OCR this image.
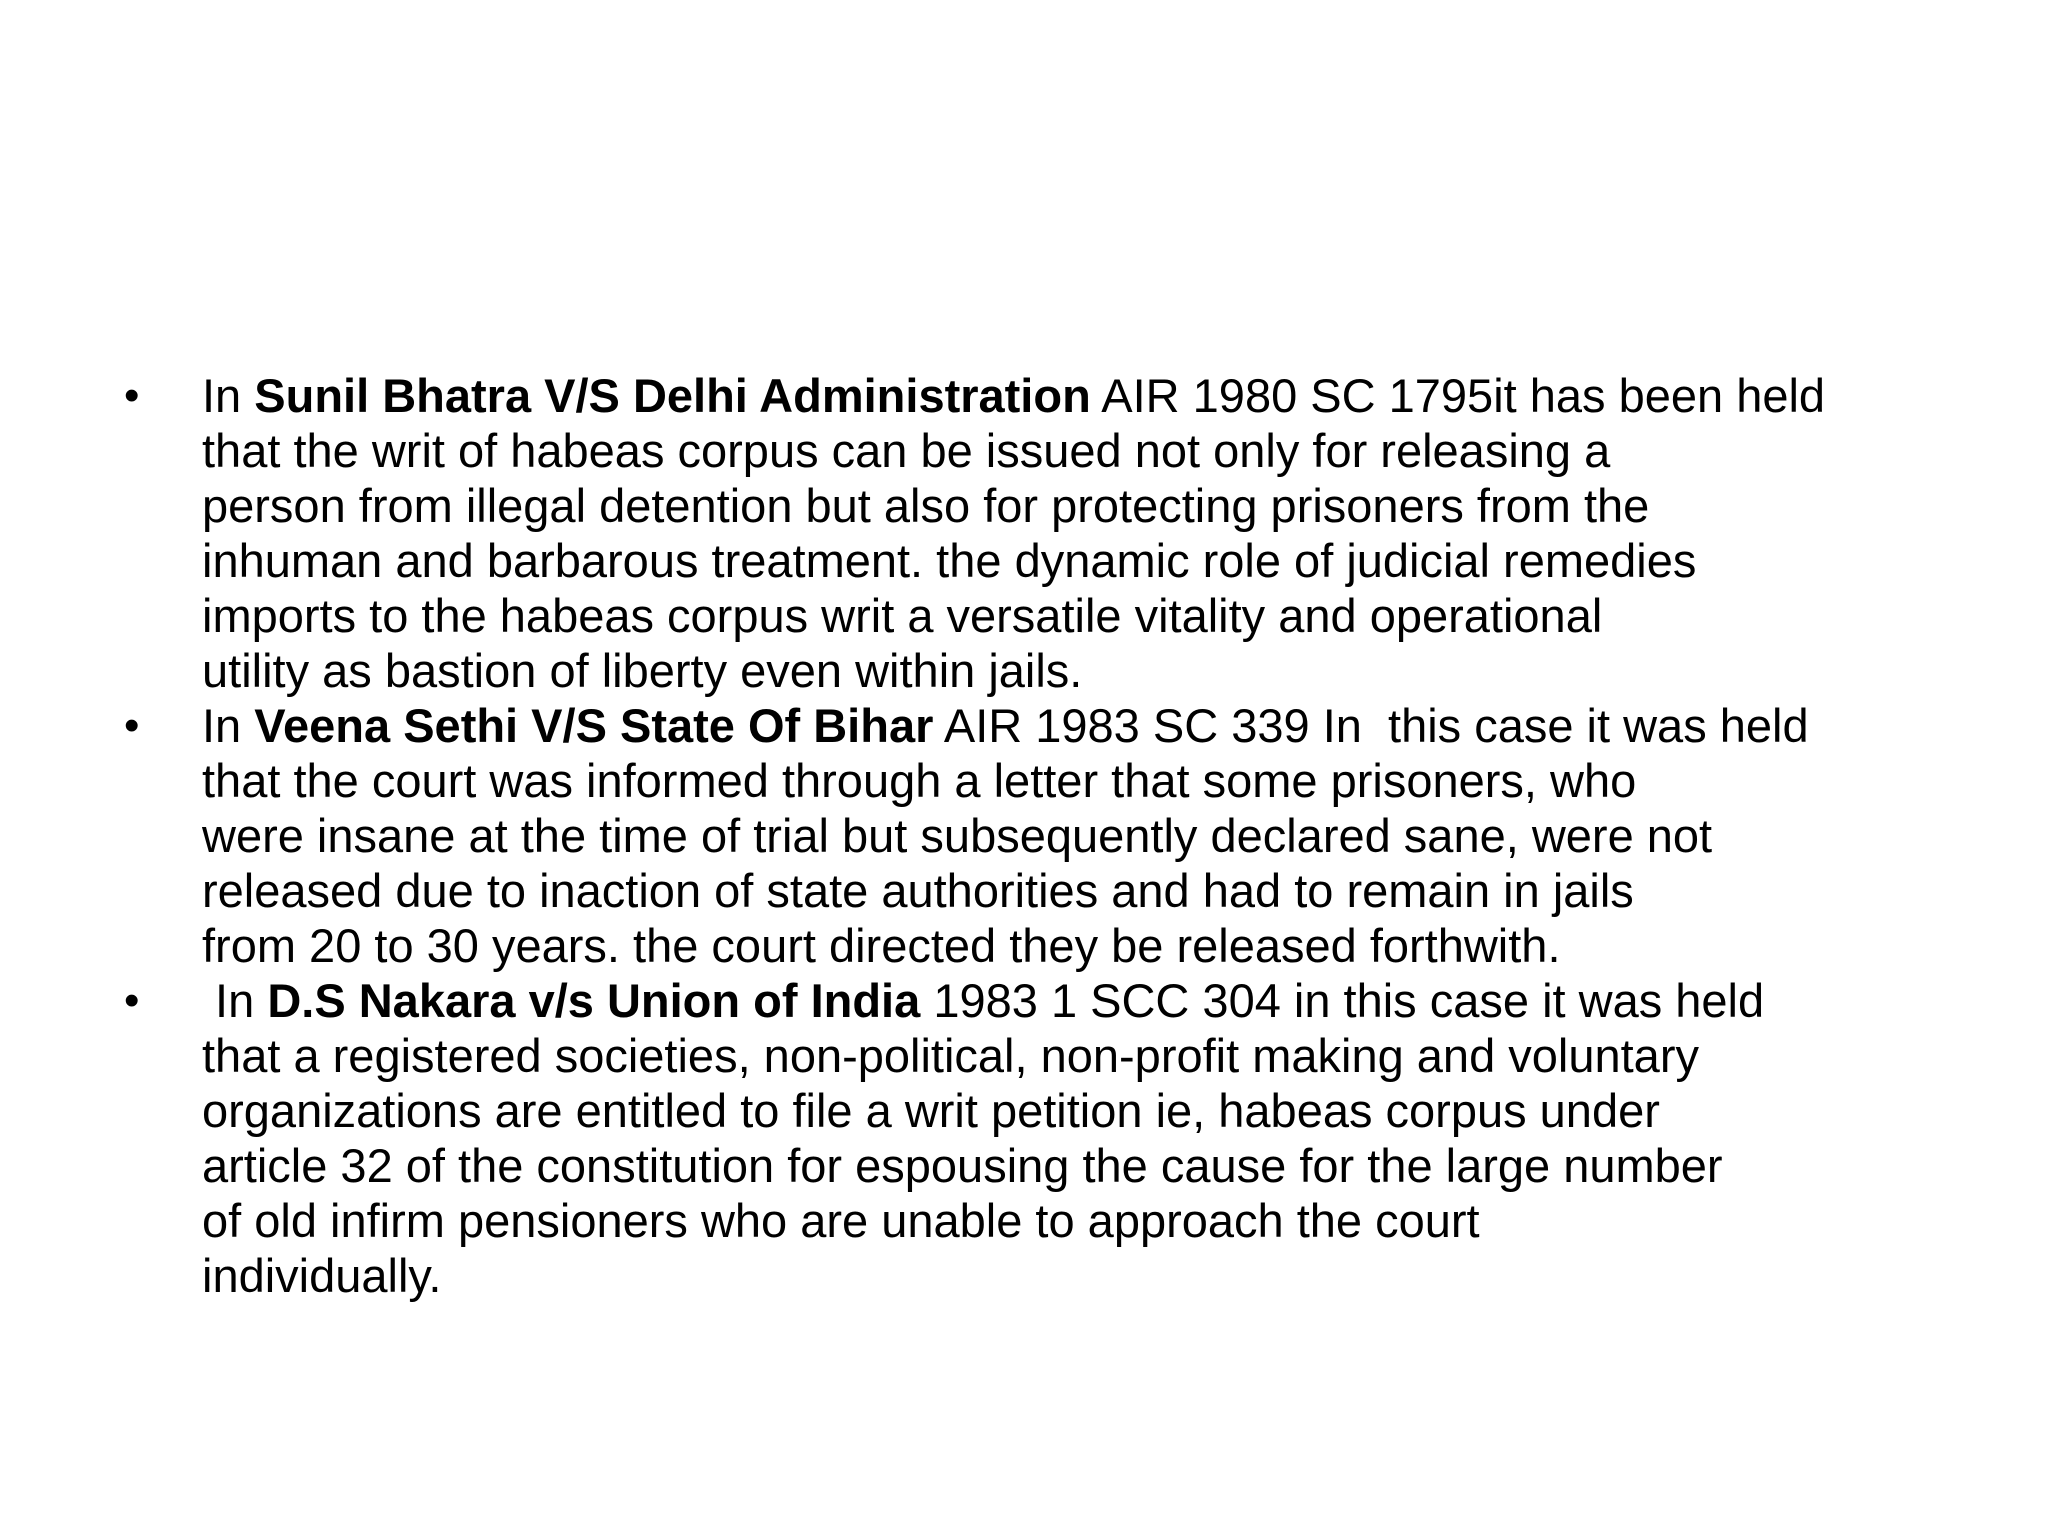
• In Sunil Bhatra V/S Delhi Administration AIR 1980 SC 1795it has been held
that the writ of habeas corpus can be issued not only for releasing a
person from illegal detention but also for protecting prisoners from the
inhuman and barbarous treatment. the dynamic role of judicial remedies
imports to the habeas corpus writ a versatile vitality and operational
utility as bastion of liberty even within jails.
• In Veena Sethi V/S State Of Bihar AIR 1983 SC 339 In  this case it was held
that the court was informed through a letter that some prisoners, who
were insane at the time of trial but subsequently declared sane, were not
released due to inaction of state authorities and had to remain in jails
from 20 to 30 years. the court directed they be released forthwith.
• In D.S Nakara v/s Union of India 1983 1 SCC 304 in this case it was held
that a registered societies, non-political, non-profit making and voluntary
organizations are entitled to file a writ petition ie, habeas corpus under
article 32 of the constitution for espousing the cause for the large number
of old infirm pensioners who are unable to approach the court
individually.
